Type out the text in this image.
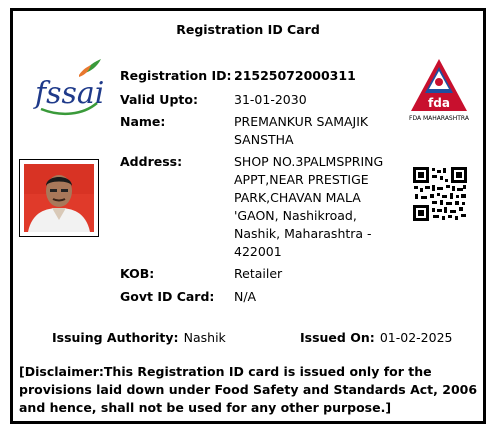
Registration ID Card
fssai	fda
FDA MAHARASHTRA
Registration ID: 21525072000311
Valid Upto:	31-01-2030
Name:	PREMANKUR SAMAJIK SANSTHA
Address:	SHOP NO.3PALMSPRING APPT,NEAR PRESTIGE PARK,CHAVAN MALA 'GAON, Nashikroad, Nashik, Maharashtra - 422001
KOB:	Retailer
Govt ID Card: N/A
Issuing Authority: Nashik	Issued On: 01-02-2025
[Disclaimer:This Registration ID card is issued only for the provisions laid down under Food Safety and Standards Act, 2006 and hence, shall not be used for any other purpose.]
